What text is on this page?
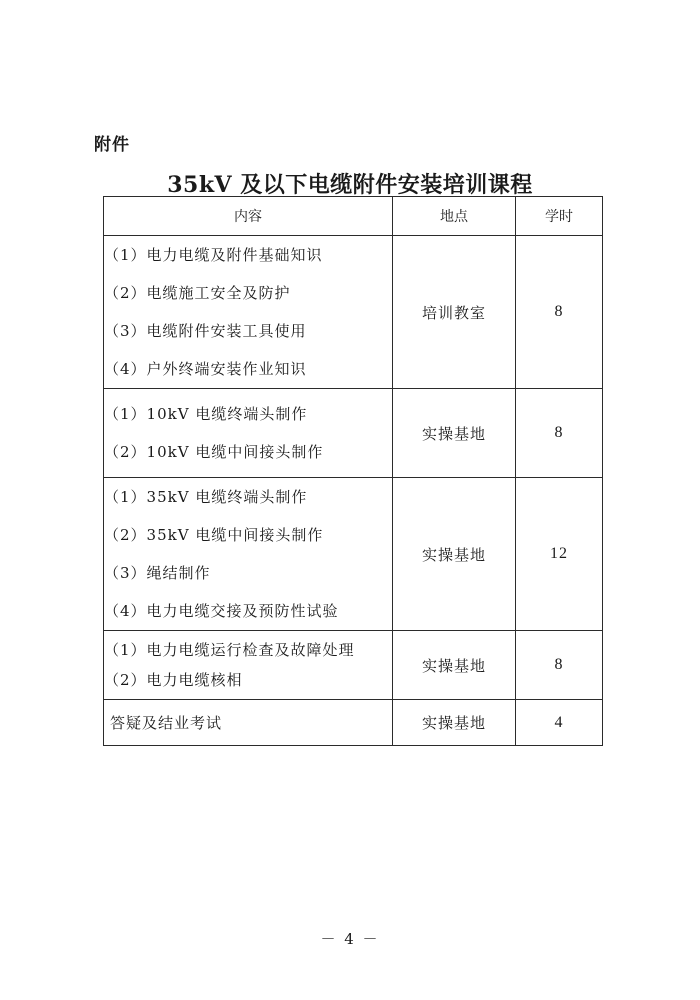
附件
35kV 及以下电缆附件安装培训课程
内容	地点	学时

（1）电力电缆及附件基础知识
（2）电缆施工安全及防护
（3）电缆附件安装工具使用
（4）户外终端安装作业知识	培训教室	8

（1）10kV 电缆终端头制作
（2）10kV 电缆中间接头制作	实操基地	8

（1）35kV 电缆终端头制作
（2）35kV 电缆中间接头制作
（3）绳结制作
（4）电力电缆交接及预防性试验	实操基地	12

（1）电力电缆运行检查及故障处理
（2）电力电缆核相	实操基地	8

答疑及结业考试	实操基地	4
－ 4 －
